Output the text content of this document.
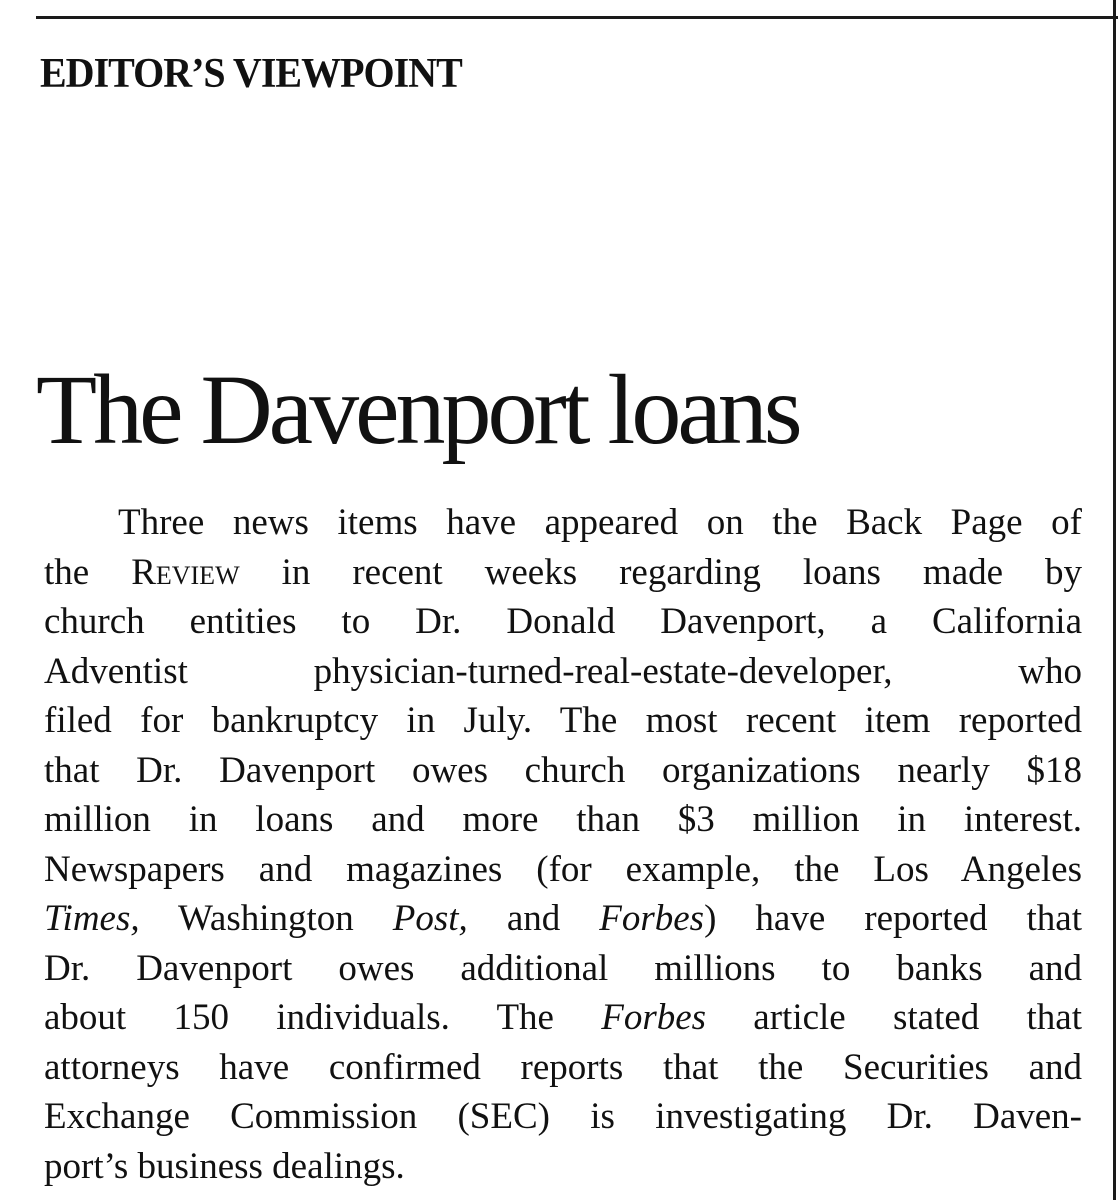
EDITOR’S VIEWPOINT
The Davenport loans
Three news items have appeared on the Back Page of
the Review in recent weeks regarding loans made by
church entities to Dr. Donald Davenport, a California
Adventist physician-turned-real-estate-developer, who
filed for bankruptcy in July. The most recent item reported
that Dr. Davenport owes church organizations nearly $18
million in loans and more than $3 million in interest.
Newspapers and magazines (for example, the Los Angeles
Times, Washington Post, and Forbes) have reported that
Dr. Davenport owes additional millions to banks and
about 150 individuals. The Forbes article stated that
attorneys have confirmed reports that the Securities and
Exchange Commission (SEC) is investigating Dr. Daven-
port’s business dealings.
